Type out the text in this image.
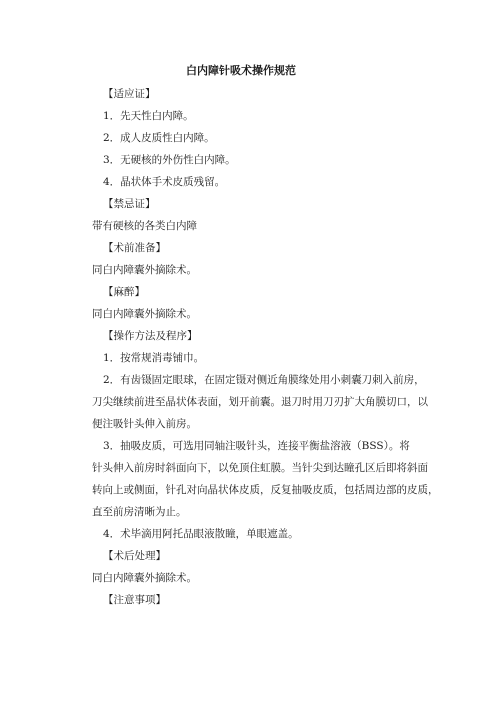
白内障针吸术操作规范
【适应证】
1．先天性白内障。
2．成人皮质性白内障。
3．无硬核的外伤性白内障。
4．晶状体手术皮质残留。
【禁忌证】
带有硬核的各类白内障
【术前准备】
同白内障囊外摘除术。
【麻醉】
同白内障囊外摘除术。
【操作方法及程序】
1．按常规消毒铺巾。
2．有齿镊固定眼球，在固定镊对侧近角膜缘处用小刺囊刀刺入前房，
刀尖继续前进至晶状体表面，划开前囊。退刀时用刀刃扩大角膜切口，以
便注吸针头伸入前房。
3．抽吸皮质，可选用同轴注吸针头，连接平衡盐溶液（BSS）。将
针头伸入前房时斜面向下，以免顶住虹膜。当针尖到达瞳孔区后即将斜面
转向上或侧面，针孔对向晶状体皮质，反复抽吸皮质，包括周边部的皮质，
直至前房清晰为止。
4．术毕滴用阿托品眼液散瞳，单眼遮盖。
【术后处理】
同白内障囊外摘除术。
【注意事项】
